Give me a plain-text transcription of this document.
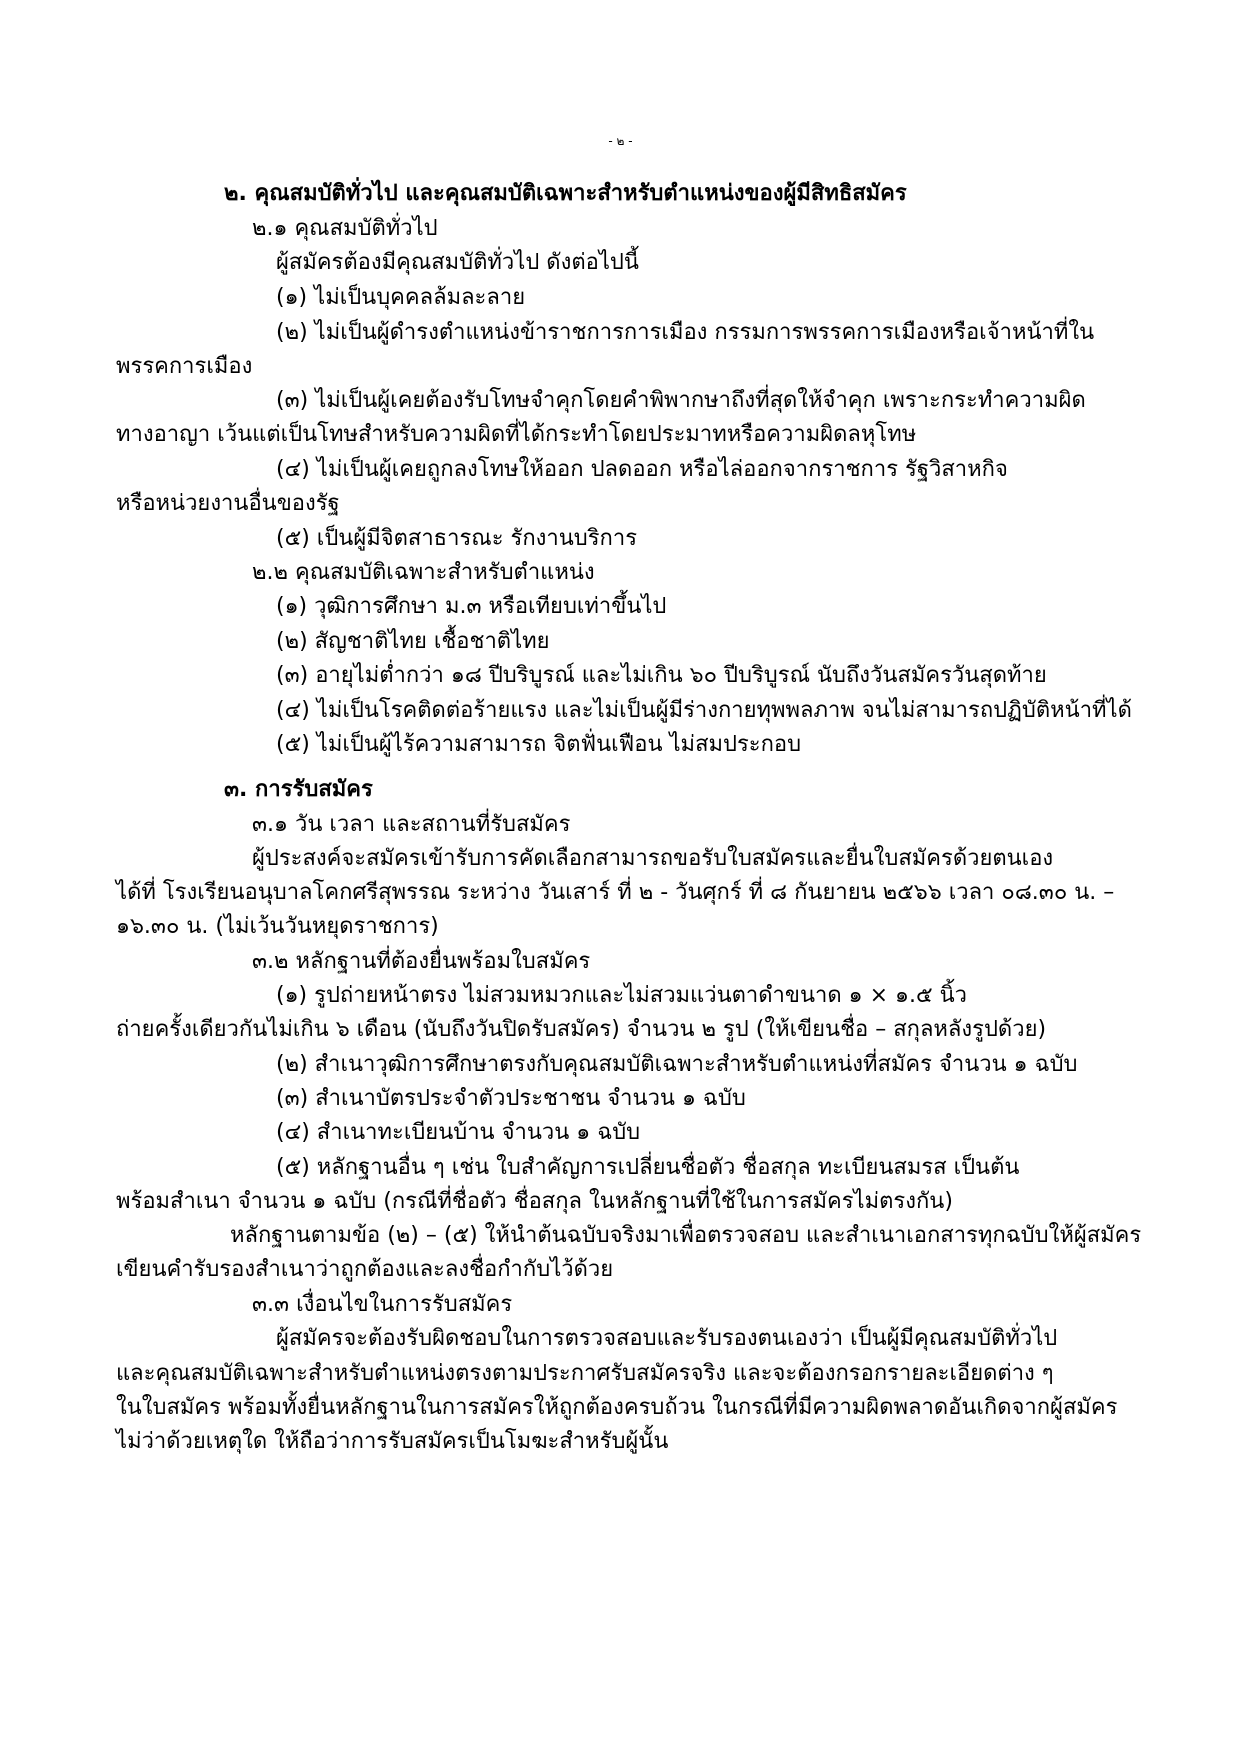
- ๒ -

๒. คุณสมบัติทั่วไป และคุณสมบัติเฉพาะสำหรับตำแหน่งของผู้มีสิทธิสมัคร

๒.๑ คุณสมบัติทั่วไป

ผู้สมัครต้องมีคุณสมบัติทั่วไป ดังต่อไปนี้

(๑) ไม่เป็นบุคคลล้มละลาย

(๒) ไม่เป็นผู้ดำรงตำแหน่งข้าราชการการเมือง กรรมการพรรคการเมืองหรือเจ้าหน้าที่ใน

พรรคการเมือง

(๓) ไม่เป็นผู้เคยต้องรับโทษจำคุกโดยคำพิพากษาถึงที่สุดให้จำคุก เพราะกระทำความผิด

ทางอาญา เว้นแต่เป็นโทษสำหรับความผิดที่ได้กระทำโดยประมาทหรือความผิดลหุโทษ

(๔) ไม่เป็นผู้เคยถูกลงโทษให้ออก ปลดออก หรือไล่ออกจากราชการ รัฐวิสาหกิจ

หรือหน่วยงานอื่นของรัฐ

(๕) เป็นผู้มีจิตสาธารณะ รักงานบริการ

๒.๒ คุณสมบัติเฉพาะสำหรับตำแหน่ง

(๑) วุฒิการศึกษา ม.๓ หรือเทียบเท่าขึ้นไป

(๒) สัญชาติไทย เชื้อชาติไทย

(๓) อายุไม่ต่ำกว่า ๑๘ ปีบริบูรณ์ และไม่เกิน ๖๐ ปีบริบูรณ์ นับถึงวันสมัครวันสุดท้าย

(๔) ไม่เป็นโรคติดต่อร้ายแรง และไม่เป็นผู้มีร่างกายทุพพลภาพ จนไม่สามารถปฏิบัติหน้าที่ได้

(๕) ไม่เป็นผู้ไร้ความสามารถ จิตฟั่นเฟือน ไม่สมประกอบ

๓. การรับสมัคร

๓.๑ วัน เวลา และสถานที่รับสมัคร

ผู้ประสงค์จะสมัครเข้ารับการคัดเลือกสามารถขอรับใบสมัครและยื่นใบสมัครด้วยตนเอง

ได้ที่ โรงเรียนอนุบาลโคกศรีสุพรรณ ระหว่าง วันเสาร์ ที่ ๒ - วันศุกร์ ที่ ๘ กันยายน ๒๕๖๖ เวลา ๐๘.๓๐ น. –

๑๖.๓๐ น. (ไม่เว้นวันหยุดราชการ)

๓.๒ หลักฐานที่ต้องยื่นพร้อมใบสมัคร

(๑) รูปถ่ายหน้าตรง ไม่สวมหมวกและไม่สวมแว่นตาดำขนาด ๑ × ๑.๕ นิ้ว

ถ่ายครั้งเดียวกันไม่เกิน ๖ เดือน (นับถึงวันปิดรับสมัคร) จำนวน ๒ รูป (ให้เขียนชื่อ – สกุลหลังรูปด้วย)

(๒) สำเนาวุฒิการศึกษาตรงกับคุณสมบัติเฉพาะสำหรับตำแหน่งที่สมัคร จำนวน ๑ ฉบับ

(๓) สำเนาบัตรประจำตัวประชาชน จำนวน ๑ ฉบับ

(๔) สำเนาทะเบียนบ้าน จำนวน ๑ ฉบับ

(๕) หลักฐานอื่น ๆ เช่น ใบสำคัญการเปลี่ยนชื่อตัว ชื่อสกุล ทะเบียนสมรส เป็นต้น

พร้อมสำเนา จำนวน ๑ ฉบับ (กรณีที่ชื่อตัว ชื่อสกุล ในหลักฐานที่ใช้ในการสมัครไม่ตรงกัน)

หลักฐานตามข้อ (๒) – (๕) ให้นำต้นฉบับจริงมาเพื่อตรวจสอบ และสำเนาเอกสารทุกฉบับให้ผู้สมัคร

เขียนคำรับรองสำเนาว่าถูกต้องและลงชื่อกำกับไว้ด้วย

๓.๓ เงื่อนไขในการรับสมัคร

ผู้สมัครจะต้องรับผิดชอบในการตรวจสอบและรับรองตนเองว่า เป็นผู้มีคุณสมบัติทั่วไป

และคุณสมบัติเฉพาะสำหรับตำแหน่งตรงตามประกาศรับสมัครจริง และจะต้องกรอกรายละเอียดต่าง ๆ

ในใบสมัคร พร้อมทั้งยื่นหลักฐานในการสมัครให้ถูกต้องครบถ้วน ในกรณีที่มีความผิดพลาดอันเกิดจากผู้สมัคร

ไม่ว่าด้วยเหตุใด ให้ถือว่าการรับสมัครเป็นโมฆะสำหรับผู้นั้น
